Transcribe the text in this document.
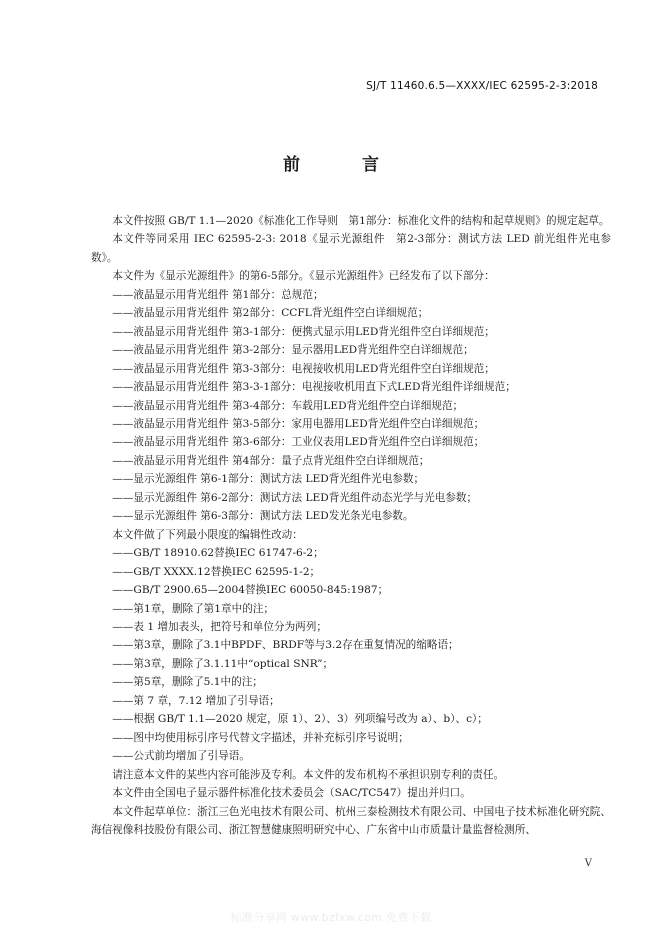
SJ/T 11460.6.5—XXXX/IEC 62595-2-3:2018
前 言

本文件按照 GB/T 1.1—2020《标准化工作导则　第1部分：标准化文件的结构和起草规则》的规定起草。

本文件等同采用 IEC 62595-2-3: 2018《显示光源组件　第2-3部分：测试方法 LED 前光组件光电参数》。

本文件为《显示光源组件》的第6-5部分。《显示光源组件》已经发布了以下部分：

——液晶显示用背光组件 第1部分：总规范；

——液晶显示用背光组件 第2部分：CCFL背光组件空白详细规范；

——液晶显示用背光组件 第3-1部分：便携式显示用LED背光组件空白详细规范；

——液晶显示用背光组件 第3-2部分：显示器用LED背光组件空白详细规范；

——液晶显示用背光组件 第3-3部分：电视接收机用LED背光组件空白详细规范；

——液晶显示用背光组件 第3-3-1部分：电视接收机用直下式LED背光组件详细规范；

——液晶显示用背光组件 第3-4部分：车载用LED背光组件空白详细规范；

——液晶显示用背光组件 第3-5部分：家用电器用LED背光组件空白详细规范；

——液晶显示用背光组件 第3-6部分：工业仪表用LED背光组件空白详细规范；

——液晶显示用背光组件 第4部分：量子点背光组件空白详细规范；

——显示光源组件 第6-1部分：测试方法 LED背光组件光电参数；

——显示光源组件 第6-2部分：测试方法 LED背光组件动态光学与光电参数；

——显示光源组件 第6-3部分：测试方法 LED发光条光电参数。

本文件做了下列最小限度的编辑性改动：

——GB/T 18910.62替换IEC 61747-6-2；

——GB/T XXXX.12替换IEC 62595-1-2；

——GB/T 2900.65—2004替换IEC 60050-845:1987；

——第1章，删除了第1章中的注；

——表 1 增加表头，把符号和单位分为两列；

——第3章，删除了3.1中BPDF、BRDF等与3.2存在重复情况的缩略语；

——第3章，删除了3.1.11中“optical SNR”；

——第5章，删除了5.1中的注；

——第 7 章，7.12 增加了引导语；

——根据 GB/T 1.1—2020 规定，原 1）、2）、3）列项编号改为 a）、b）、c）；

——图中均使用标引序号代替文字描述，并补充标引序号说明；

——公式前均增加了引导语。

请注意本文件的某些内容可能涉及专利。本文件的发布机构不承担识别专利的责任。

本文件由全国电子显示器件标准化技术委员会（SAC/TC547）提出并归口。

本文件起草单位：浙江三色光电技术有限公司、杭州三泰检测技术有限公司、中国电子技术标准化研究院、海信视像科技股份有限公司、浙江智慧健康照明研究中心、广东省中山市质量计量监督检测所、

V
标准分享网 www.bzfxw.com 免费下载
